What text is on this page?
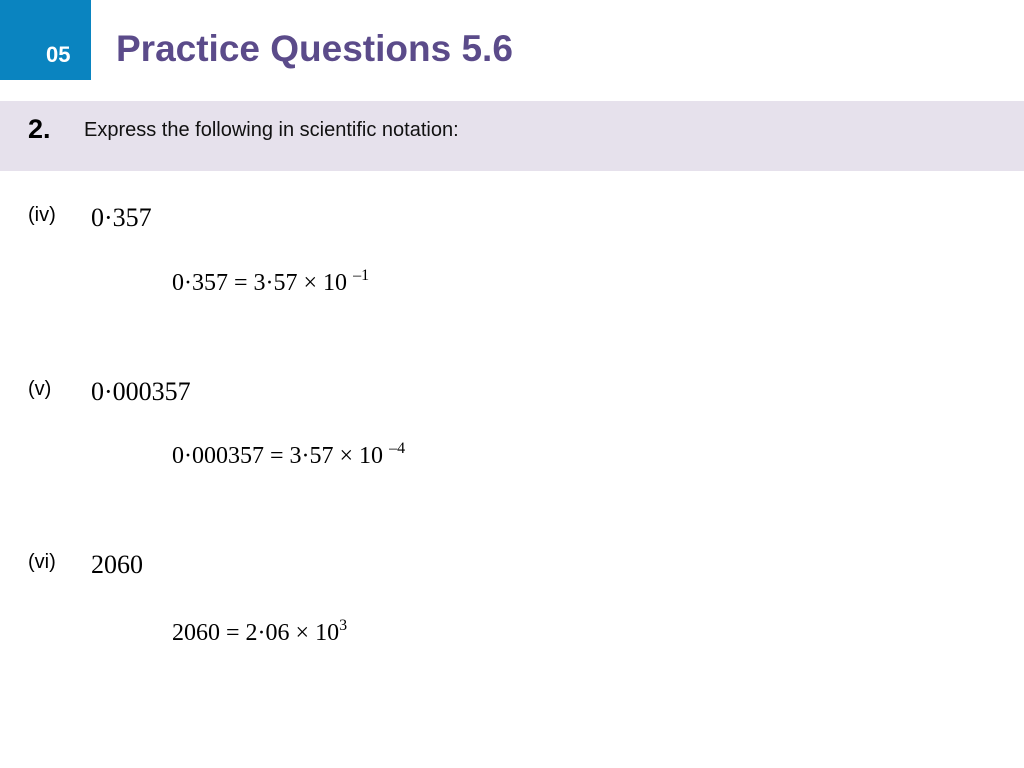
05 Practice Questions 5.6
2. Express the following in scientific notation:
(iv) 0·357
0·357 = 3·57 × 10 $^{-1}$
(v) 0·000357
0·000357 = 3·57 × 10 $^{-4}$
(vi) 2060
$2060 = 2\cdot 06 \times 10^3$
